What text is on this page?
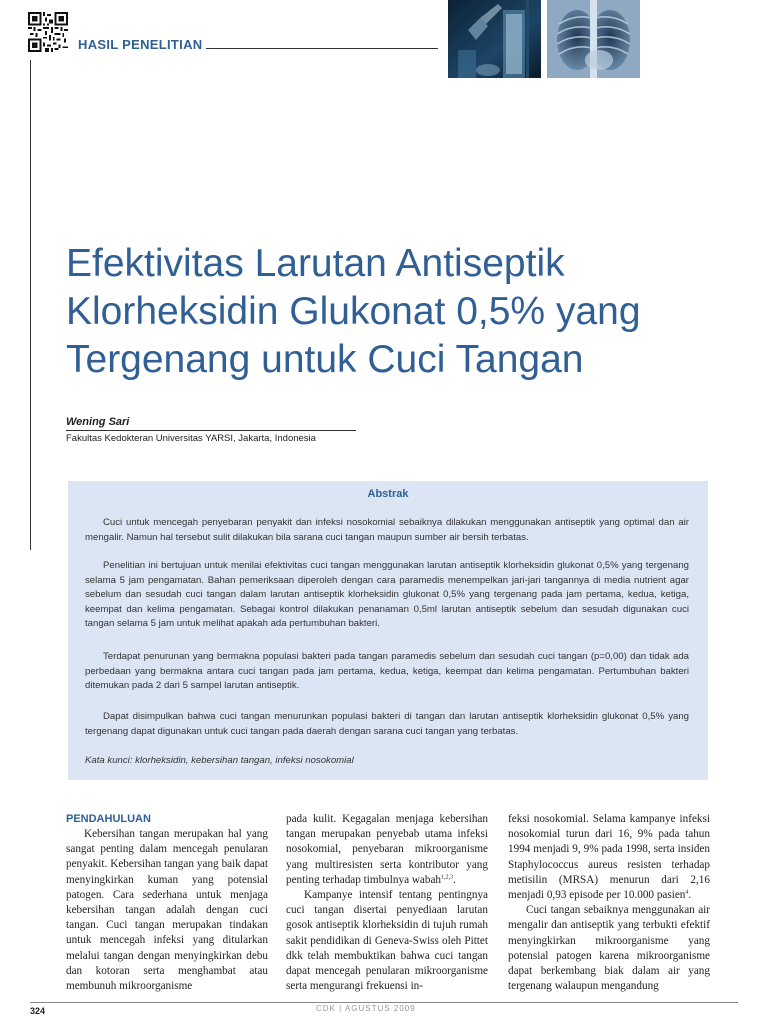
HASIL PENELITIAN
Efektivitas Larutan Antiseptik Klorheksidin Glukonat 0,5% yang Tergenang untuk Cuci Tangan
Wening Sari
Fakultas Kedokteran Universitas YARSI, Jakarta, Indonesia
Abstrak

Cuci untuk mencegah penyebaran penyakit dan infeksi nosokomial sebaiknya dilakukan menggunakan antiseptik yang optimal dan air mengalir. Namun hal tersebut sulit dilakukan bila sarana cuci tangan maupun sumber air bersih terbatas.

Penelitian ini bertujuan untuk menilai efektivitas cuci tangan menggunakan larutan antiseptik klorheksidin glukonat 0,5% yang tergenang selama 5 jam pengamatan. Bahan pemeriksaan diperoleh dengan cara paramedis menempelkan jari-jari tangannya di media nutrient agar sebelum dan sesudah cuci tangan dalam larutan antiseptik klorheksidin glukonat 0,5% yang tergenang pada jam pertama, kedua, ketiga, keempat dan kelima pengamatan. Sebagai kontrol dilakukan penanaman 0,5ml larutan antiseptik sebelum dan sesudah digunakan cuci tangan selama 5 jam untuk melihat apakah ada pertumbuhan bakteri.

Terdapat penurunan yang bermakna populasi bakteri pada tangan paramedis sebelum dan sesudah cuci tangan (p=0,00) dan tidak ada perbedaan yang bermakna antara cuci tangan pada jam pertama, kedua, ketiga, keempat dan kelima pengamatan. Pertumbuhan bakteri ditemukan pada 2 dari 5 sampel larutan antiseptik.

Dapat disimpulkan bahwa cuci tangan menurunkan populasi bakteri di tangan dan larutan antiseptik klorheksidin glukonat 0,5% yang tergenang dapat digunakan untuk cuci tangan pada daerah dengan sarana cuci tangan yang terbatas.

Kata kunci: klorheksidin, kebersihan tangan, infeksi nosokomial
PENDAHULUAN

Kebersihan tangan merupakan hal yang sangat penting dalam mencegah penularan penyakit. Kebersihan tangan yang baik dapat menyingkirkan kuman yang potensial patogen. Cara sederhana untuk menjaga kebersihan tangan adalah dengan cuci tangan. Cuci tangan merupakan tindakan untuk mencegah infeksi yang ditularkan melalui tangan dengan menyingkirkan debu dan kotoran serta menghambat atau membunuh mikroorganisme

pada kulit. Kegagalan menjaga kebersihan tangan merupakan penyebab utama infeksi nosokomial, penyebaran mikroorganisme yang multiresisten serta kontributor yang penting terhadap timbulnya wabah$^{1,2,3}$.

Kampanye intensif tentang pentingnya cuci tangan disertai penyediaan larutan gosok antiseptik klorheksidin di tujuh rumah sakit pendidikan di Geneva-Swiss oleh Pittet dkk telah membuktikan bahwa cuci tangan dapat mencegah penularan mikroorganisme serta mengurangi frekuensi in-

feksi nosokomial. Selama kampanye infeksi nosokomial turun dari 16, 9% pada tahun 1994 menjadi 9, 9% pada 1998, serta insiden Staphylococcus aureus resisten terhadap metisilin (MRSA) menurun dari 2,16 menjadi 0,93 episode per 10.000 pasien$^4$.

Cuci tangan sebaiknya menggunakan air mengalir dan antiseptik yang terbukti efektif menyingkirkan mikroorganisme yang potensial patogen karena mikroorganisme dapat berkembang biak dalam air yang tergenang walaupun mengandung

324	CDK | AGUSTUS 2009
